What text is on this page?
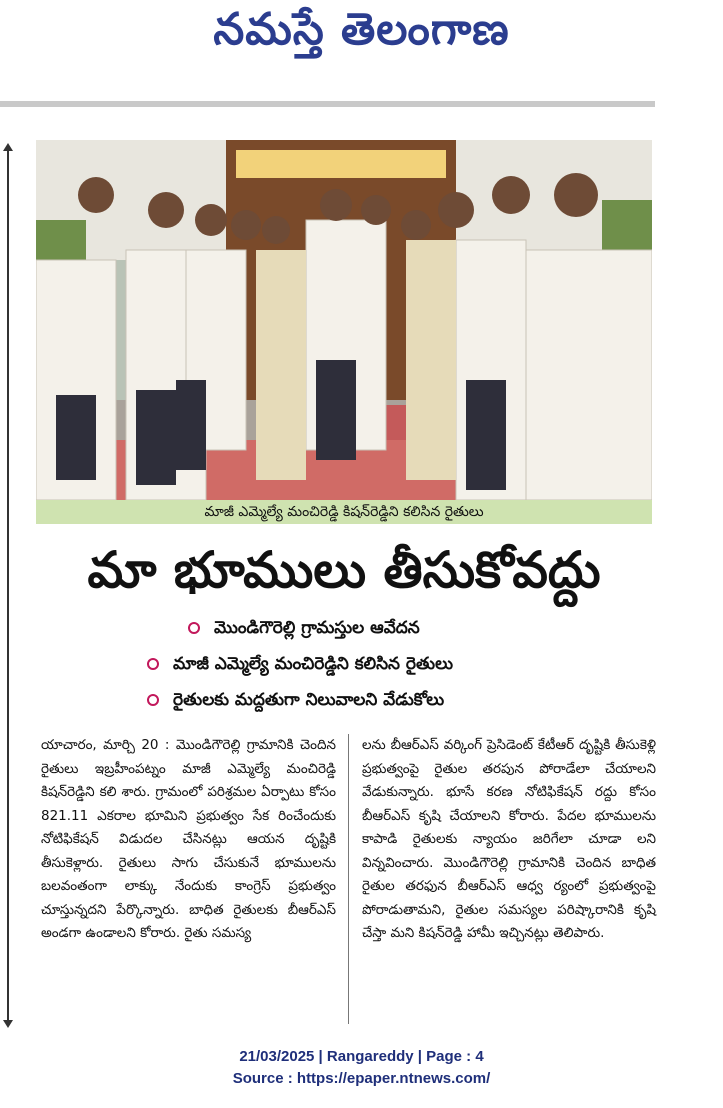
నమస్తే తెలంగాణ
మాజీ ఎమ్మెల్యే మంచిరెడ్డి కిషన్‌రెడ్డిని కలిసిన రైతులు
మా భూములు తీసుకోవద్దు
మొండిగౌరెల్లి గ్రామస్తుల ఆవేదన
మాజీ ఎమ్మెల్యే మంచిరెడ్డిని కలిసిన రైతులు
రైతులకు మద్దతుగా నిలువాలని వేడుకోలు
యాచారం, మార్చి 20 : మొండిగౌరెల్లి గ్రామానికి చెందిన రైతులు ఇబ్రహీంపట్నం మాజీ ఎమ్మెల్యే మంచిరెడ్డి కిషన్‌రెడ్డిని కలి శారు. గ్రామంలో పరిశ్రమల ఏర్పాటు కోసం 821.11 ఎకరాల భూమిని ప్రభుత్వం సేక రించేందుకు నోటిఫికేషన్ విడుదల చేసినట్లు ఆయన దృష్టికి తీసుకెళ్లారు. రైతులు సాగు చేసుకునే భూములను బలవంతంగా లాక్కు నేందుకు కాంగ్రెస్ ప్రభుత్వం చూస్తున్నదని పేర్కొన్నారు. బాధిత రైతులకు బీఆర్‌ఎస్ అండగా ఉండాలని కోరారు. రైతు సమస్య
లను బీఆర్‌ఎస్ వర్కింగ్ ప్రెసిడెంట్ కేటీఆర్ దృష్టికి తీసుకెళ్లి ప్రభుత్వంపై రైతుల తరపున పోరాడేలా చేయాలని వేడుకున్నారు. భూసే కరణ నోటిఫికేషన్ రద్దు కోసం బీఆర్‌ఎస్ కృషి చేయాలని కోరారు. పేదల భూములను కాపాడి రైతులకు న్యాయం జరిగేలా చూడా లని విన్నవించారు. మొండిగౌరెల్లి గ్రామానికి చెందిన బాధిత రైతుల తరఫున బీఆర్‌ఎస్ ఆధ్వ ర్యంలో ప్రభుత్వంపై పోరాడుతామని, రైతుల సమస్యల పరిష్కారానికి కృషి చేస్తా మని కిషన్‌రెడ్డి హామీ ఇచ్చినట్లు తెలిపారు.
21/03/2025 | Rangareddy | Page : 4
Source : https://epaper.ntnews.com/
